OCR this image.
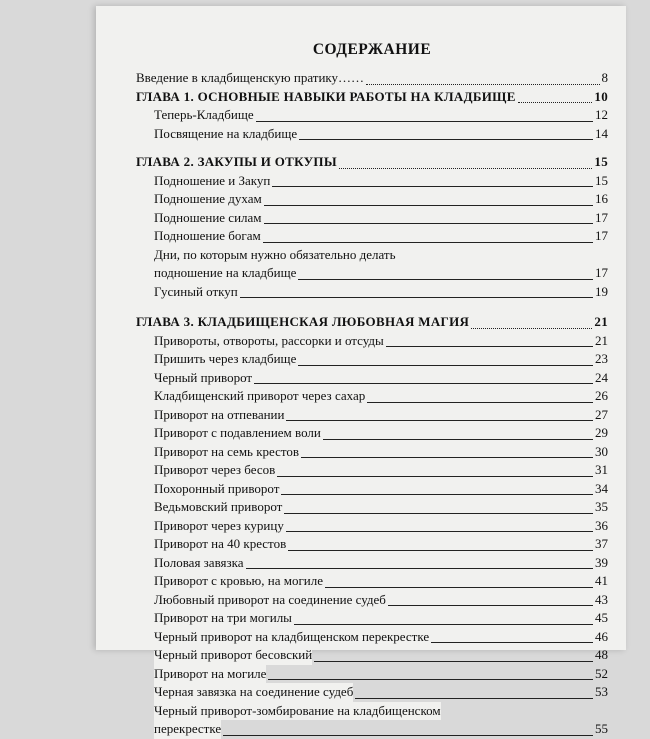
СОДЕРЖАНИЕ
Введение в кладбищенскую пратику……	8
ГЛАВА 1. ОСНОВНЫЕ НАВЫКИ РАБОТЫ НА КЛАДБИЩЕ	10
Теперь-Кладбище	12
Посвящение на кладбище	14
ГЛАВА 2. ЗАКУПЫ И ОТКУПЫ	15
Подношение и Закуп	15
Подношение духам	16
Подношение силам	17
Подношение богам	17
Дни, по которым нужно обязательно делать
подношение на кладбище	17
Гусиный откуп	19
ГЛАВА 3. КЛАДБИЩЕНСКАЯ ЛЮБОВНАЯ МАГИЯ	21
Привороты, отвороты, рассорки и отсуды	21
Пришить через кладбище	23
Черный приворот	24
Кладбищенский приворот через сахар	26
Приворот на отпевании	27
Приворот с подавлением воли	29
Приворот на семь крестов	30
Приворот через бесов	31
Похоронный приворот	34
Ведьмовский приворот	35
Приворот через курицу	36
Приворот на 40 крестов	37
Половая завязка	39
Приворот с кровью, на могиле	41
Любовный приворот на соединение судеб	43
Приворот на три могилы	45
Черный приворот на кладбищенском перекрестке	46
Черный приворот бесовский	48
Приворот на могиле	52
Черная завязка на соединение судеб	53
Черный приворот-зомбирование на кладбищенском
перекрестке	55
